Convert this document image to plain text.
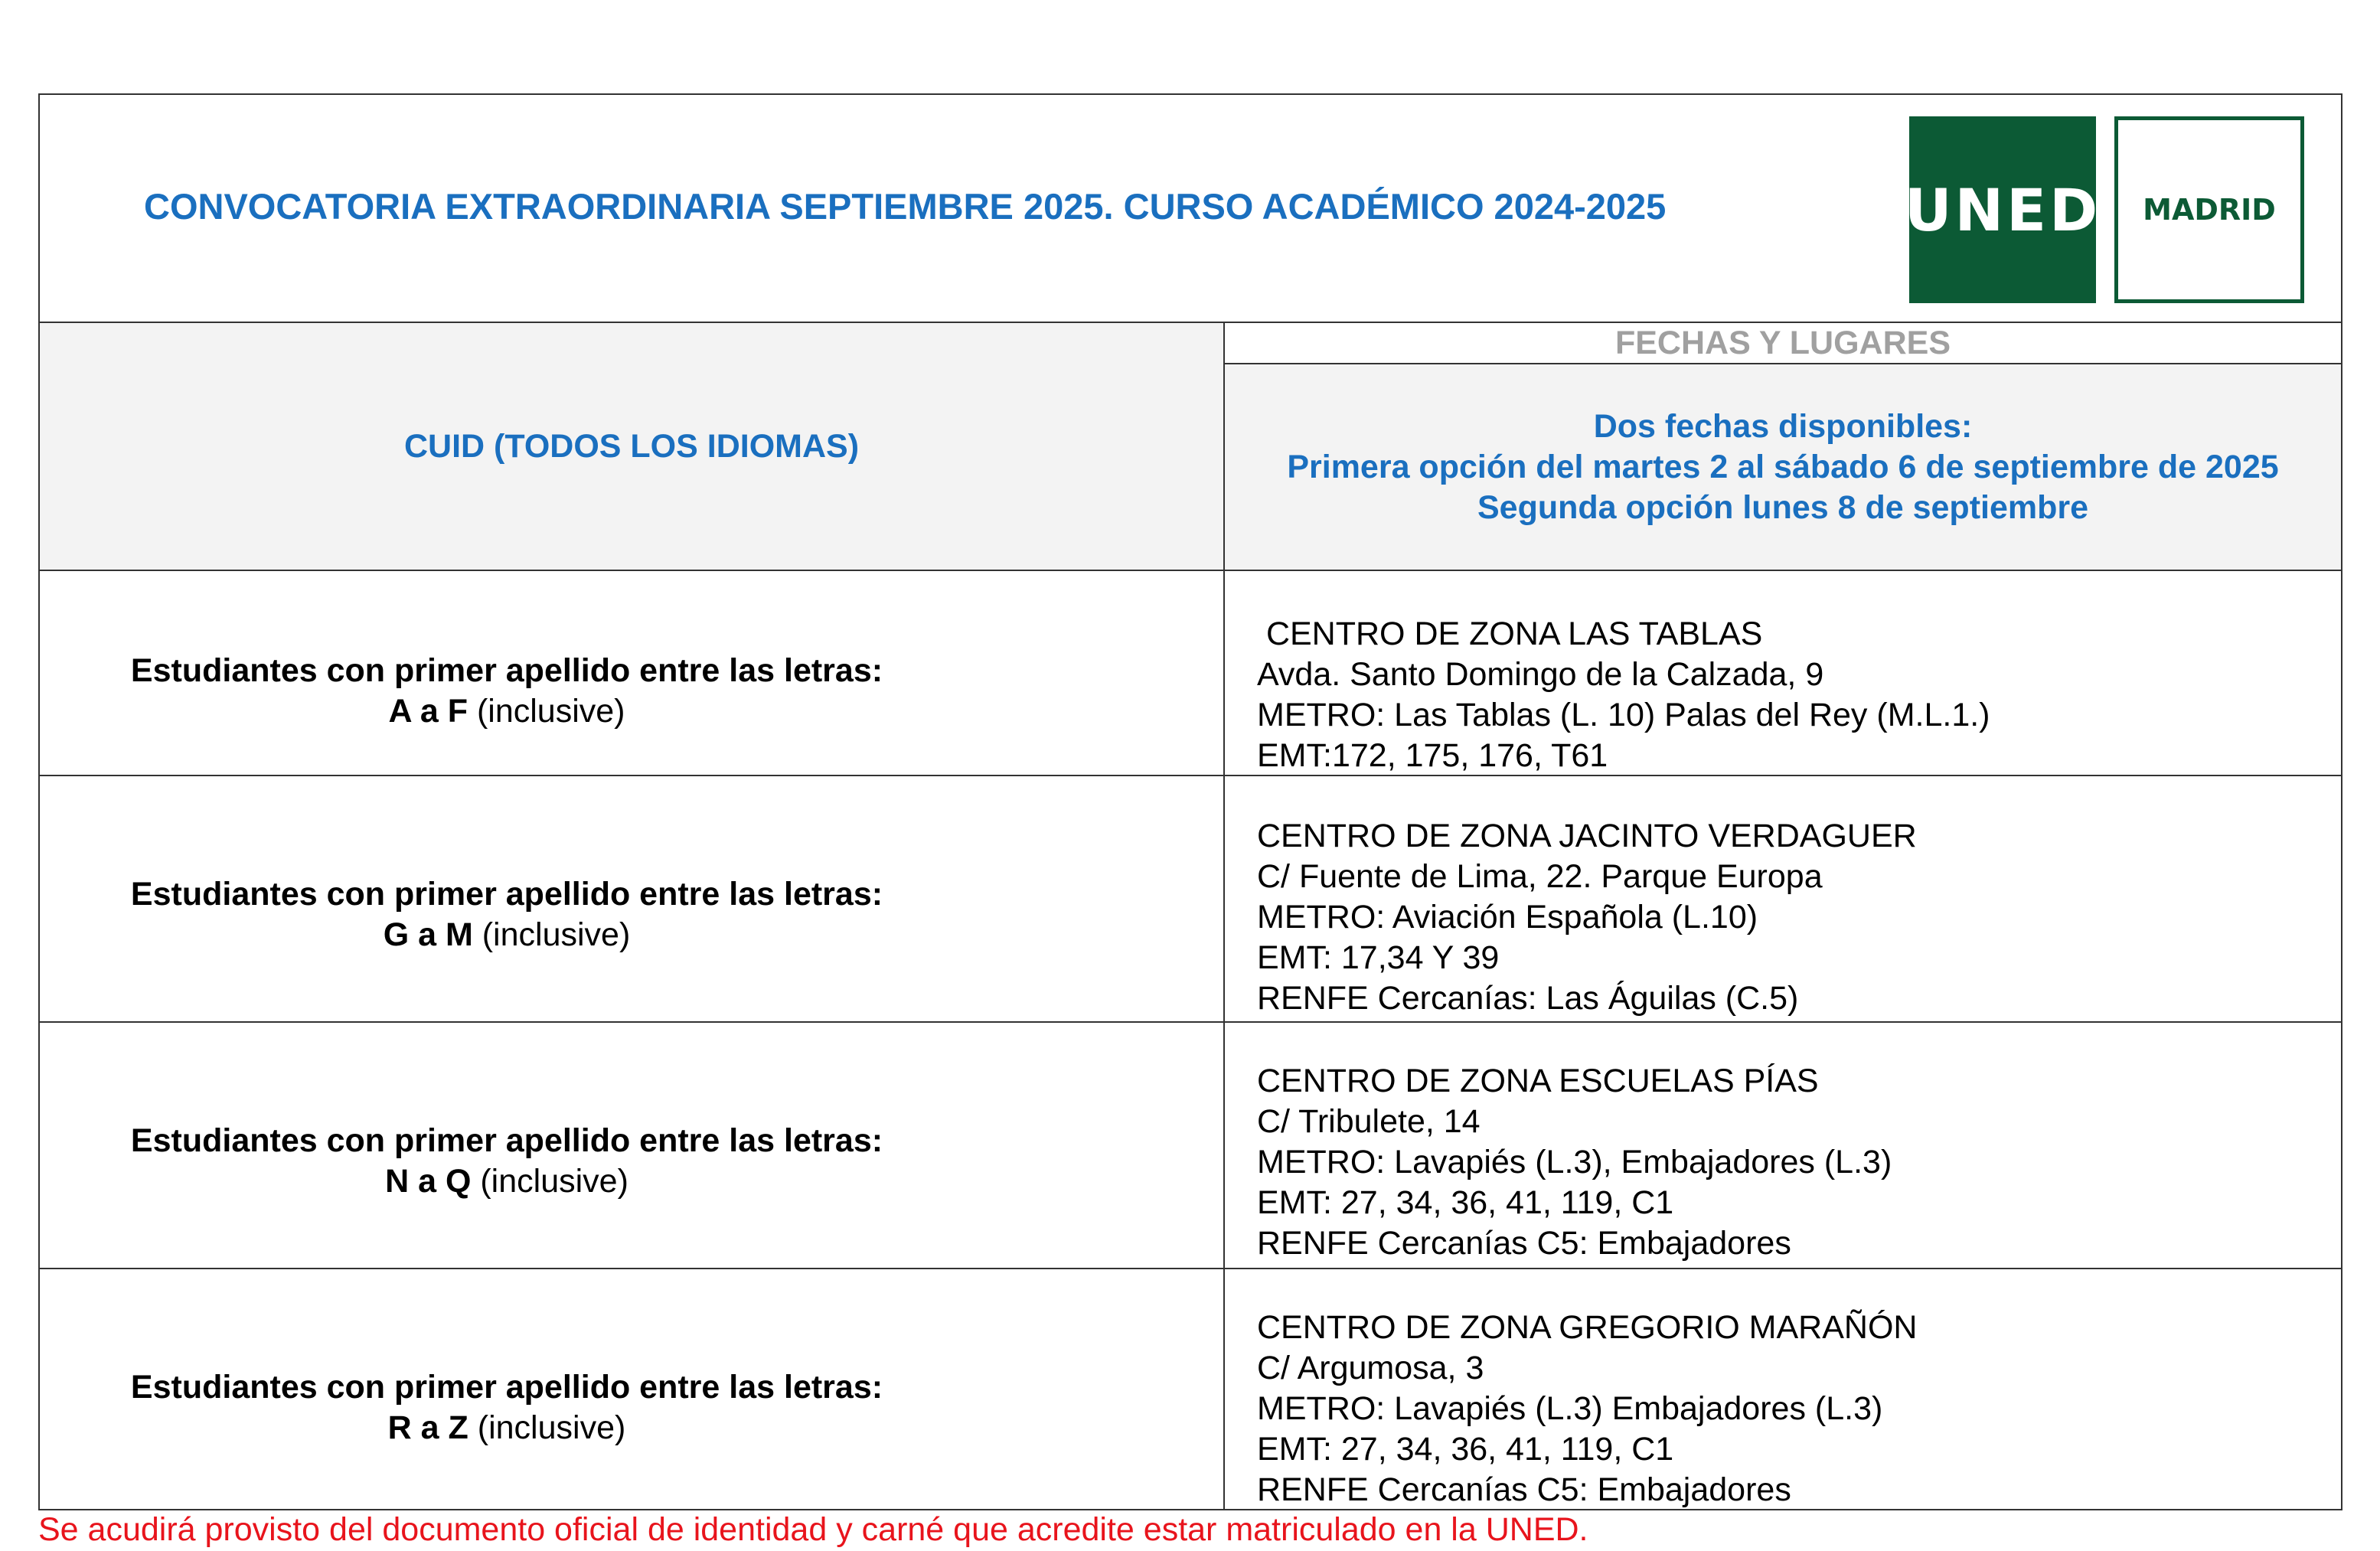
CONVOCATORIA EXTRAORDINARIA SEPTIEMBRE 2025. CURSO ACADÉMICO 2024-2025	UNED	MADRID
CUID (TODOS LOS IDIOMAS)
FECHAS Y LUGARES
Dos fechas disponibles:
Primera opción del martes 2 al sábado 6 de septiembre de 2025
Segunda opción lunes 8 de septiembre
Estudiantes con primer apellido entre las letras:
A a F (inclusive)
CENTRO DE ZONA LAS TABLAS
Avda. Santo Domingo de la Calzada, 9
METRO: Las Tablas (L. 10) Palas del Rey (M.L.1.)
EMT:172, 175, 176, T61
Estudiantes con primer apellido entre las letras:
G a M (inclusive)
CENTRO DE ZONA JACINTO VERDAGUER
C/ Fuente de Lima, 22. Parque Europa
METRO: Aviación Española (L.10)
EMT: 17,34 Y 39
RENFE Cercanías: Las Águilas (C.5)
Estudiantes con primer apellido entre las letras:
N a Q (inclusive)
CENTRO DE ZONA ESCUELAS PÍAS
C/ Tribulete, 14
METRO: Lavapiés (L.3), Embajadores (L.3)
EMT: 27, 34, 36, 41, 119, C1
RENFE Cercanías C5: Embajadores
Estudiantes con primer apellido entre las letras:
R a Z (inclusive)
CENTRO DE ZONA GREGORIO MARAÑÓN
C/ Argumosa, 3
METRO: Lavapiés (L.3) Embajadores (L.3)
EMT: 27, 34, 36, 41, 119, C1
RENFE Cercanías C5: Embajadores
Se acudirá provisto del documento oficial de identidad y carné que acredite estar matriculado en la UNED.
